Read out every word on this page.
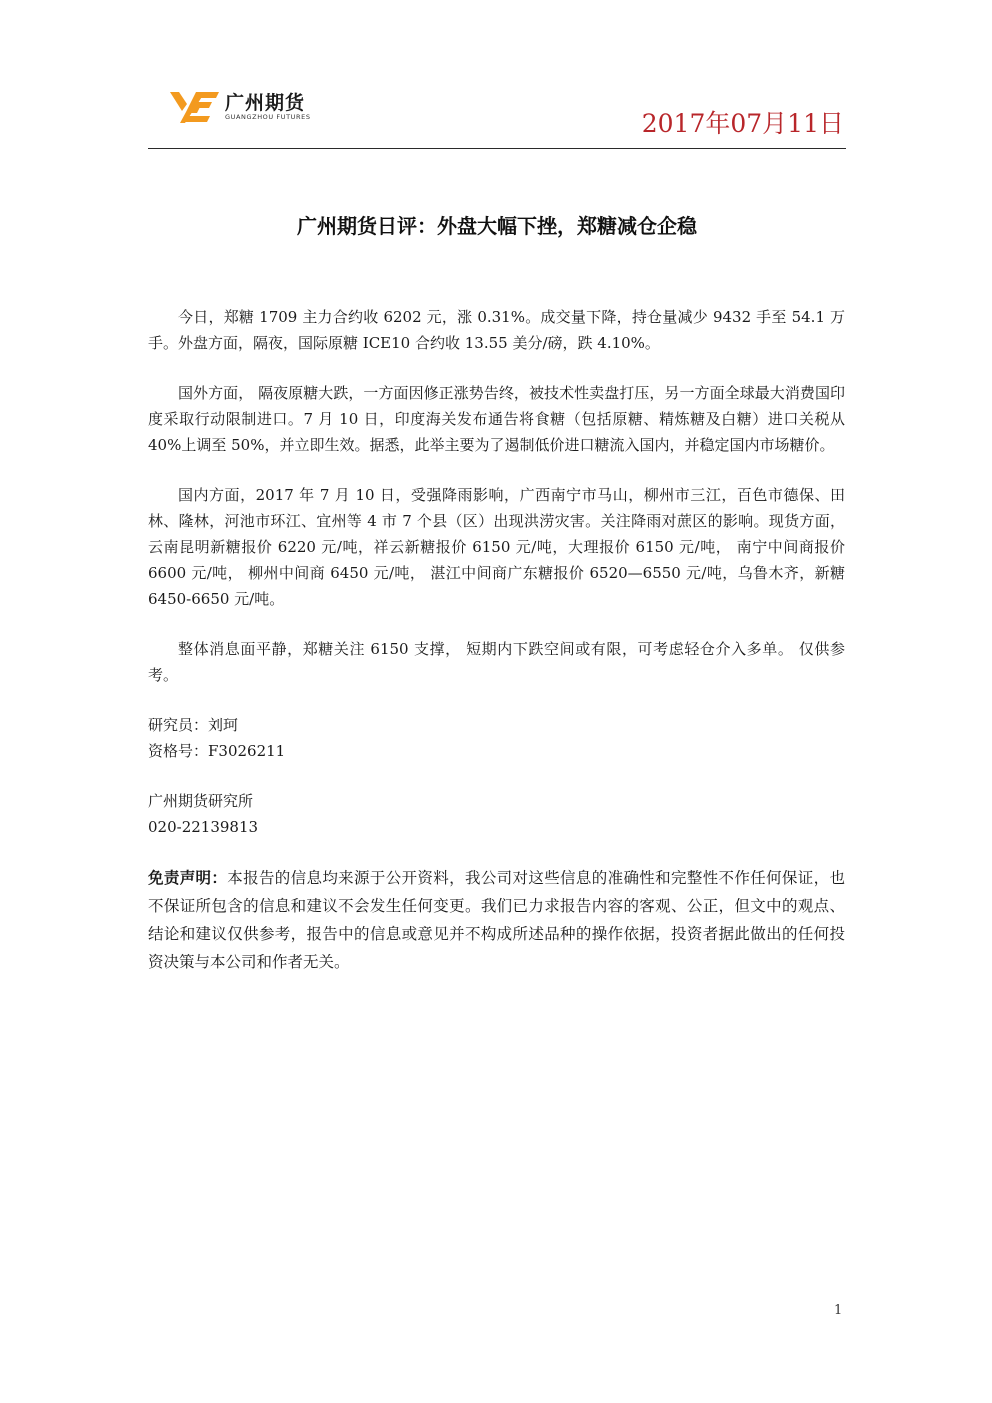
广州期货
GUANGZHOU FUTURES	2017年07月11日
广州期货日评：外盘大幅下挫，郑糖减仓企稳

今日，郑糖 1709 主力合约收 6202 元，涨 0.31%。成交量下降，持仓量减少 9432 手至 54.1 万手。外盘方面，隔夜，国际原糖 ICE10 合约收 13.55 美分/磅，跌 4.10%。

国外方面， 隔夜原糖大跌，一方面因修正涨势告终，被技术性卖盘打压，另一方面全球最大消费国印度采取行动限制进口。7 月 10 日，印度海关发布通告将食糖（包括原糖、精炼糖及白糖）进口关税从 40%上调至 50%，并立即生效。据悉，此举主要为了遏制低价进口糖流入国内，并稳定国内市场糖价。

国内方面，2017 年 7 月 10 日，受强降雨影响，广西南宁市马山，柳州市三江，百色市德保、田林、隆林，河池市环江、宜州等 4 市 7 个县（区）出现洪涝灾害。关注降雨对蔗区的影响。现货方面，云南昆明新糖报价 6220 元/吨，祥云新糖报价 6150 元/吨，大理报价 6150 元/吨， 南宁中间商报价 6600 元/吨， 柳州中间商 6450 元/吨， 湛江中间商广东糖报价 6520—6550 元/吨，乌鲁木齐，新糖 6450-6650 元/吨。

整体消息面平静，郑糖关注 6150 支撑， 短期内下跌空间或有限，可考虑轻仓介入多单。 仅供参考。

研究员：刘珂
资格号：F3026211
广州期货研究所
020-22139813

免责声明：本报告的信息均来源于公开资料，我公司对这些信息的准确性和完整性不作任何保证，也不保证所包含的信息和建议不会发生任何变更。我们已力求报告内容的客观、公正，但文中的观点、结论和建议仅供参考，报告中的信息或意见并不构成所述品种的操作依据，投资者据此做出的任何投资决策与本公司和作者无关。

1
